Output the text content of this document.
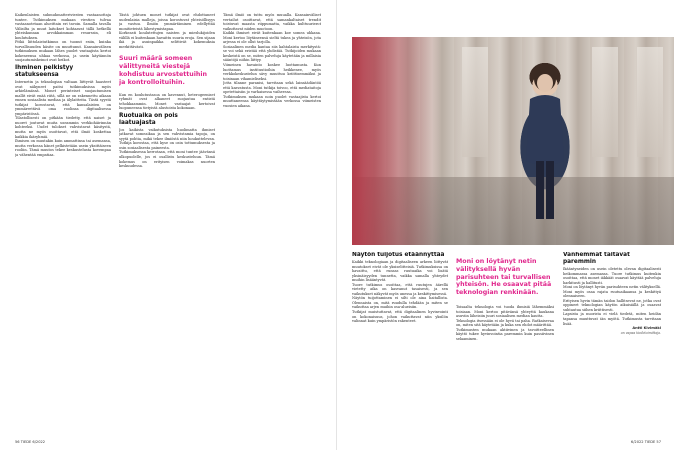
Kaikenlaisten suhmuhmatteriviesten vastaanottaja tuntee. Tutkimuksen mukaan viestien tulvaa vastaanotetaan alueittain eri tavoin. Samalla tavalla Välisilta ja muut laitokset kohtaavat tällä hetkellä yhteiskunnan arvokkaimman resurssin, eli koulutuksen.

Pitkä liittolaistutkimus on tuonut esiin, kuinka turvallisuuden käsite on muuttunut. Kansainvälisen tutkimuksen mukaan lähes puolet vastaajista kertoi kokeneensa uhkaa verkossa, ja usein käytännön suojautumiskeinot ovat heikot.

Ihminen pelkistyy statukseensa

Internetin ja teknologian valtaan liittyvät haasteet ovat näkyneet paitsi tutkimuksissa myös arkielämässä. Monet perinteiset suojautumisen mallit eivät enää riitä, sillä ne on rakennettu aikaan ennen sosiaalista mediaa ja älylaitteita. Tästä syystä tutkijat korostavat, että kansalaisten on ymmärrettävä oma roolinsa digitaalisessa ympäristössä.

Tilastollisesti on pitkään tiedetty, että naiset ja nuoret joutuvat muita useammin verkkohäirinnän kohteeksi. Uudet tulokset vahvistavat käsitystä, mutta ne myös osoittavat, että ilmiö koskettaa kaikkia ikäryhmiä.

Ihmisen on muutakin kuin ammattinsa tai asemansa, mutta verkossa hänet pelkistetään usein yksittäiseen rooliin. Tämä muutos tekee keskustelusta kovempaa ja vähentää empatiaa.

Tästä johtuen monet tutkijat ovat ehdottaneet uudenlaisia malleja, joissa korostuvat yhteisöllisyys ja vastuu. Ilmiön ymmärtäminen edellyttää monitieteistä lähestymistapaa.

Korkeasti koulutettujen naisten ja mieslukijoiden välillä ei kuitenkaan havaittu suuria eroja. Sen sijaan ikä ja asuinpaikka selittivät kokemuksia merkittävästi.

Suuri määrä someen välittyneitä viestejä kohdistuu arvostettuihin ja kontrolloituihin.

Kun en koulutustasoa on kavennut, heterogeeniset ryhmät ovat alkaneet suojautua entistä tehokkaammin. Monet vastaajat kertoivat luopuneensa tietyistä alustoista kokonaan.

Ruotuaika on pois laatuajasta

Jos kaikista vaikutuksista huolimatta ihmiset jatkavat someaikaa ja sen vahvistamia tapoja, on syytä pohtia, mikä tekee ilmiöstä niin houkuttelevan. Tutkija korostaa, että kyse on osin tottumuksesta ja osin sosiaalisesta paineesta.

Tutkimuksessa kerrotaan, että moni tuntee jäävänsä ulkopuolelle, jos ei osallistu keskusteluun. Tämä kokemus on erityisen voimakas nuorten keskuudessa.

Tämä ilmiö on tuttu myös muualla. Kansainväliset vertailut osoittavat, että samankaltaiset trendit toistuvat maasta riippumatta, vaikka kulttuurierot vaikuttavat niiden muotoon.

Kaikki ihmiset eivät kuitenkaan koe somea uhkana. Moni kertoo löytäneensä sieltä tukea ja yhteisön, jota arjessa ei ole ollut tarjolla.

Sosiaalinen media kantaa siis kahtalaista merkitystä: se voi sekä eristää että yhdistää. Tutkijoiden mukaan keskeistä on se, miten palveluja käytetään ja millaisia sääntöjä niihin liittyy.

Viimeinen havainto koskee luottamusta. Kun luottamus instituutioihin heikkenee, myös verkkokeskustelun sävy muuttuu kriittisemmäksi ja toisinaan vihamieliseksi.

Jotta tilanne paranisi, tarvitaan sekä lainsäädäntöä että kasvatusta. Moni tutkija toivoo, että mediataitoja opetettaisiin jo varhaisessa vaiheessa.

Tutkimuksen mukaan noin puolet vastaajista kertoi muuttaneensa käyttäytymistään verkossa viimeisten vuosien aikana.

56 TIEDE 6/2022
Näytön tuijotus etäännyttää

Kaikki teknologiaan ja digitaaliseen arkeen liittyvät muutokset eivät ole yksiselitteisiä. Tutkimuksissa on havaittu, että runsas ruutuaika voi lisätä yksinäisyyden tunnetta, vaikka samalla yhteydet muihin lisääntyvät.

Tuore tutkimus osoittaa, että ruutujen äärellä vietetty aika on kasvanut tasaisesti, ja sen vaikutukset näkyvät myös unessa ja keskittymisessä.

Näytön tuijottaminen ei silti ole aina haitallista. Olennaista on, mitä ruudulla tehdään ja miten se vaikuttaa arjen muihin osa-alueisiin.

Tutkijat muistuttavat, että digitaalinen hyvinvointi on kokonaisuus, johon vaikuttavat niin yksilön valinnat kuin ympäristön rakenteet.

Moni on löytänyt netin välityksellä hyvän parisuhteen tai turvallisen yhteisön. He osaavat pitää teknologian renkinään.

Toisaalta teknologia voi tuoda ihmisiä lähemmäksi toisiaan. Moni kertoo pitävänsä yhteyttä kaukana asuviin läheisiin juuri sosiaalisen median kautta.

Teknologia itsessään ei ole hyvä tai paha. Ratkaisevaa on, miten sitä käytetään ja kuka sen ehdot määrittää.

Tutkimusten mukaan aktiivinen ja tavoitteellinen käyttö tukee hyvinvointia paremmin kuin passiivinen selaaminen.

Vanhemmat taitavat paremmin

Ikääntyneiden on usein oletettu olevan digitaalisesti heikommassa asemassa. Tuore tutkimus kuitenkin osoittaa, että monet iäkkäät osaavat käyttää palveluja harkitusti ja hallitusti.

Moni on löytänyt hyvän parisuhteen netin välityksellä. Moni myös osaa rajata ruutuaikaansa ja keskittyä olennaiseen.

Erityisen hyvin tämän taidon hallitsevat ne, jotka ovat oppineet teknologian käytön aikuisiällä ja osaavat suhtautua siihen kriittisesti.

Lapsista ja nuorista ei vielä tiedetä, miten heidän tapansa muuttuvat iän myötä. Tutkimusta tarvitaan lisää.

Antti Kivimäki
on vapaa tiedetoimittaja.
6/2022 TIEDE 57
